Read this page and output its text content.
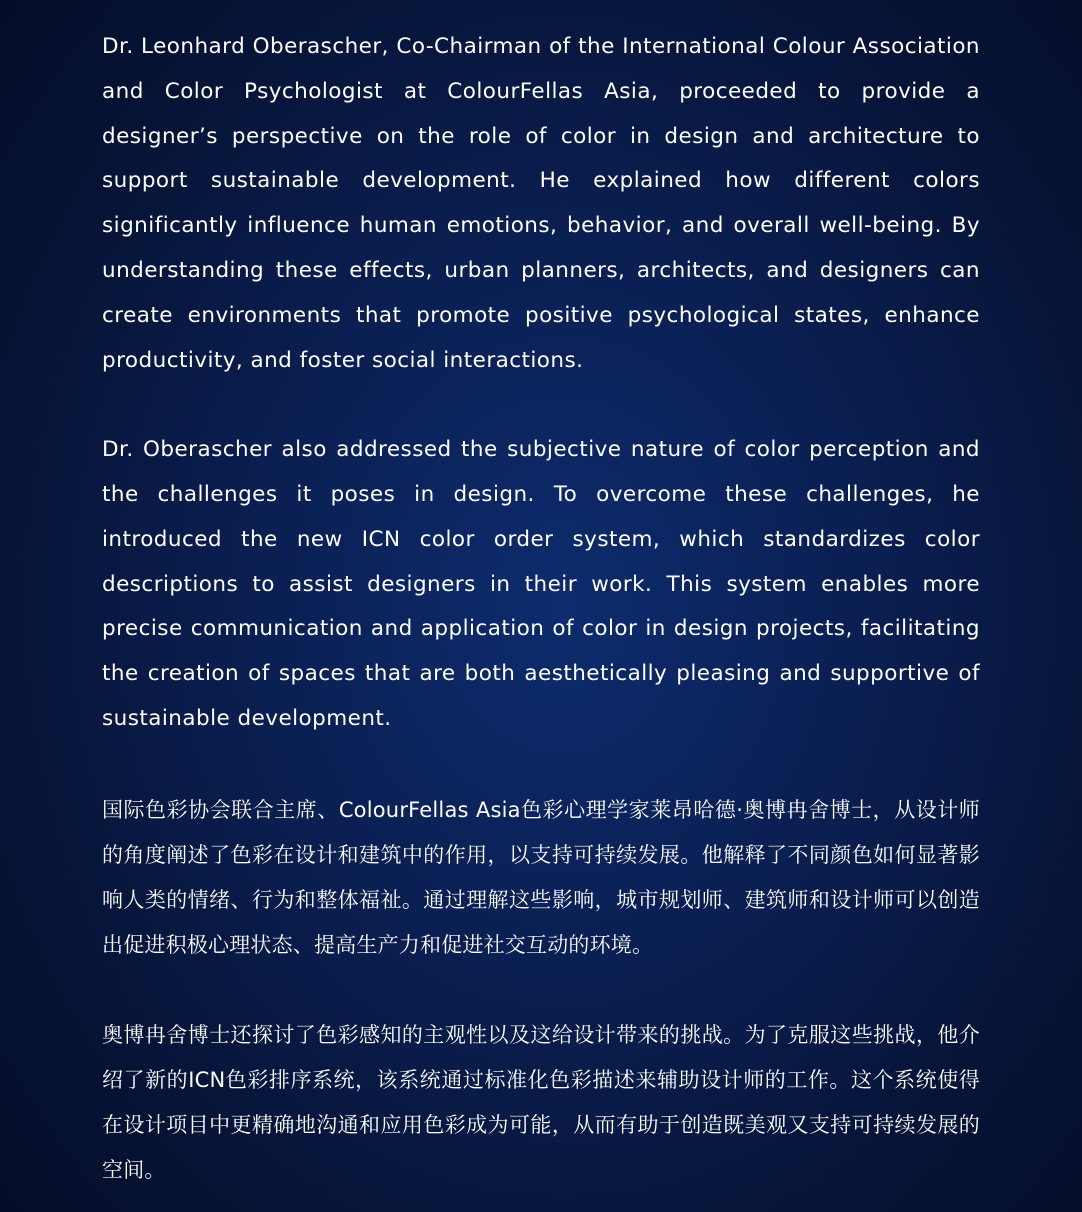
Dr. Leonhard Oberascher, Co-Chairman of the International Colour Association and Color Psychologist at ColourFellas Asia, proceeded to provide a designer’s perspective on the role of color in design and architecture to support sustainable development. He explained how different colors significantly influence human emotions, behavior, and overall well-being. By understanding these effects, urban planners, architects, and designers can create environments that promote positive psychological states, enhance productivity, and foster social interactions.

Dr. Oberascher also addressed the subjective nature of color perception and the challenges it poses in design. To overcome these challenges, he introduced the new ICN color order system, which standardizes color descriptions to assist designers in their work. This system enables more precise communication and application of color in design projects, facilitating the creation of spaces that are both aesthetically pleasing and supportive of sustainable development.

国际色彩协会联合主席、ColourFellas Asia色彩心理学家莱昂哈德·奥博冉舍博士，从设计师的角度阐述了色彩在设计和建筑中的作用，以支持可持续发展。他解释了不同颜色如何显著影响人类的情绪、行为和整体福祉。通过理解这些影响，城市规划师、建筑师和设计师可以创造出促进积极心理状态、提高生产力和促进社交互动的环境。

奥博冉舍博士还探讨了色彩感知的主观性以及这给设计带来的挑战。为了克服这些挑战，他介绍了新的ICN色彩排序系统，该系统通过标准化色彩描述来辅助设计师的工作。这个系统使得在设计项目中更精确地沟通和应用色彩成为可能，从而有助于创造既美观又支持可持续发展的空间。
